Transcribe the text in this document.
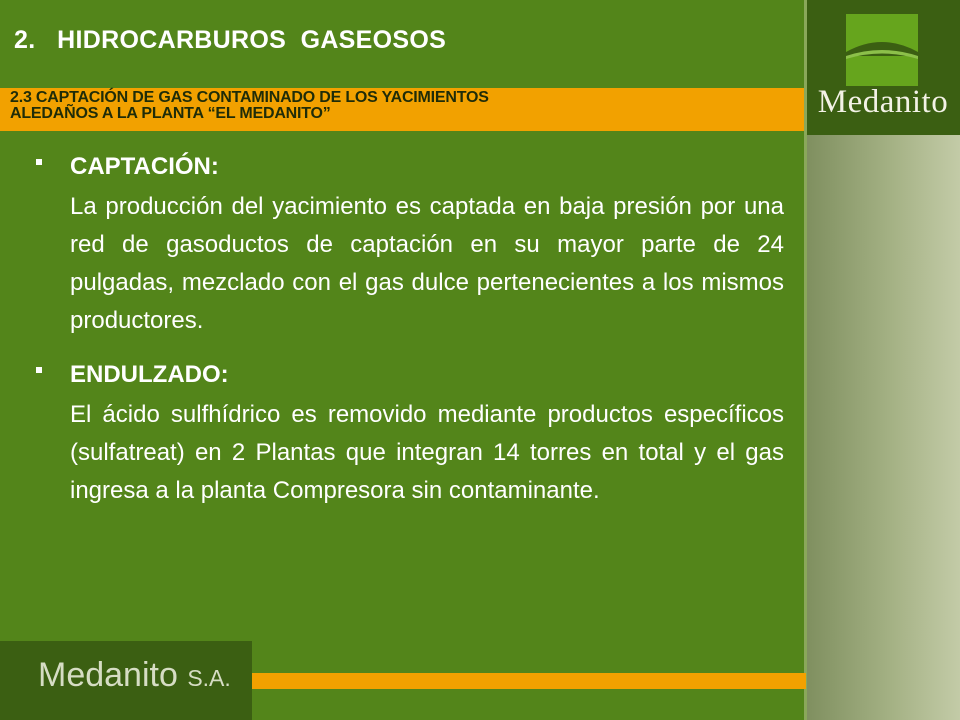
Medanito
2.   HIDROCARBUROS  GASEOSOS

2.3 CAPTACIÓN DE GAS CONTAMINADO DE LOS YACIMIENTOS
ALEDAÑOS A LA PLANTA “EL MEDANITO”

CAPTACIÓN:

La producción del yacimiento es captada en baja presión por una red de gasoductos de captación en su mayor parte de 24 pulgadas, mezclado con el gas dulce pertenecientes a los mismos productores.

ENDULZADO:

El ácido sulfhídrico es removido mediante productos específicos (sulfatreat) en 2 Plantas que integran 14 torres en total y el gas ingresa a la planta Compresora sin contaminante.

Medanito S.A.
